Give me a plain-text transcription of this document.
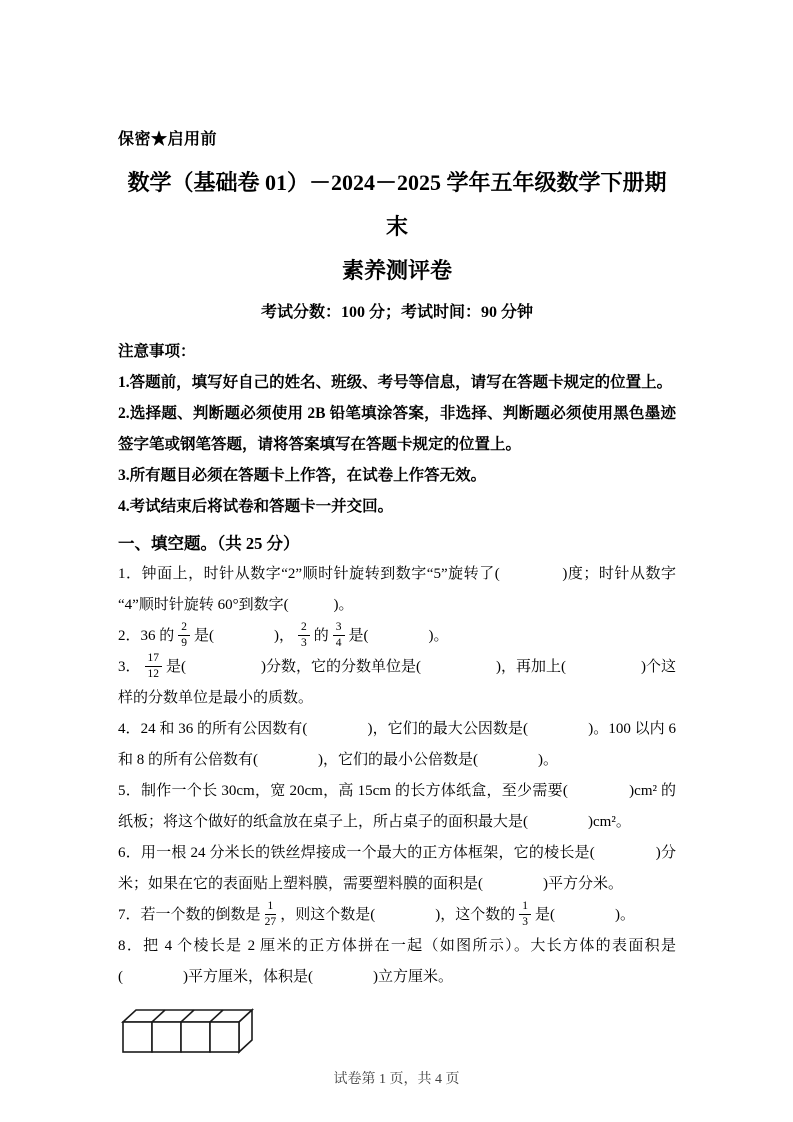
保密★启用前
数学（基础卷 01）－2024－2025 学年五年级数学下册期末
素养测评卷
考试分数：100 分；考试时间：90 分钟
注意事项：

1.答题前，填写好自己的姓名、班级、考号等信息，请写在答题卡规定的位置上。

2.选择题、判断题必须使用 2B 铅笔填涂答案，非选择、判断题必须使用黑色墨迹签字笔或钢笔答题，请将答案填写在答题卡规定的位置上。

3.所有题目必须在答题卡上作答，在试卷上作答无效。

4.考试结束后将试卷和答题卡一并交回。

一、填空题。（共 25 分）

1．钟面上，时针从数字“2”顺时针旋转到数字“5”旋转了(　　　　)度；时针从数字“4”顺时针旋转 60°到数字(　　　)。

2．36 的 $\frac{2}{9}$ 是(　　　　)， $\frac{2}{3}$ 的 $\frac{3}{4}$ 是(　　　　)。

3． $\frac{17}{12}$ 是(　　　　　)分数，它的分数单位是(　　　　　)，再加上(　　　　　)个这样的分数单位是最小的质数。

4．24 和 36 的所有公因数有(　　　　)，它们的最大公因数是(　　　　)。100 以内 6 和 8 的所有公倍数有(　　　　)，它们的最小公倍数是(　　　　)。

5．制作一个长 30cm，宽 20cm，高 15cm 的长方体纸盒，至少需要(　　　　)cm² 的纸板；将这个做好的纸盒放在桌子上，所占桌子的面积最大是(　　　　)cm²。

6．用一根 24 分米长的铁丝焊接成一个最大的正方体框架，它的棱长是(　　　　)分米；如果在它的表面贴上塑料膜，需要塑料膜的面积是(　　　　)平方分米。

7．若一个数的倒数是 $\frac{1}{27}$ ，则这个数是(　　　　)，这个数的 $\frac{1}{3}$ 是(　　　　)。

8．把 4 个棱长是 2 厘米的正方体拼在一起（如图所示）。大长方体的表面积是(　　　　)平方厘米，体积是(　　　　)立方厘米。

试卷第 1 页，共 4 页
